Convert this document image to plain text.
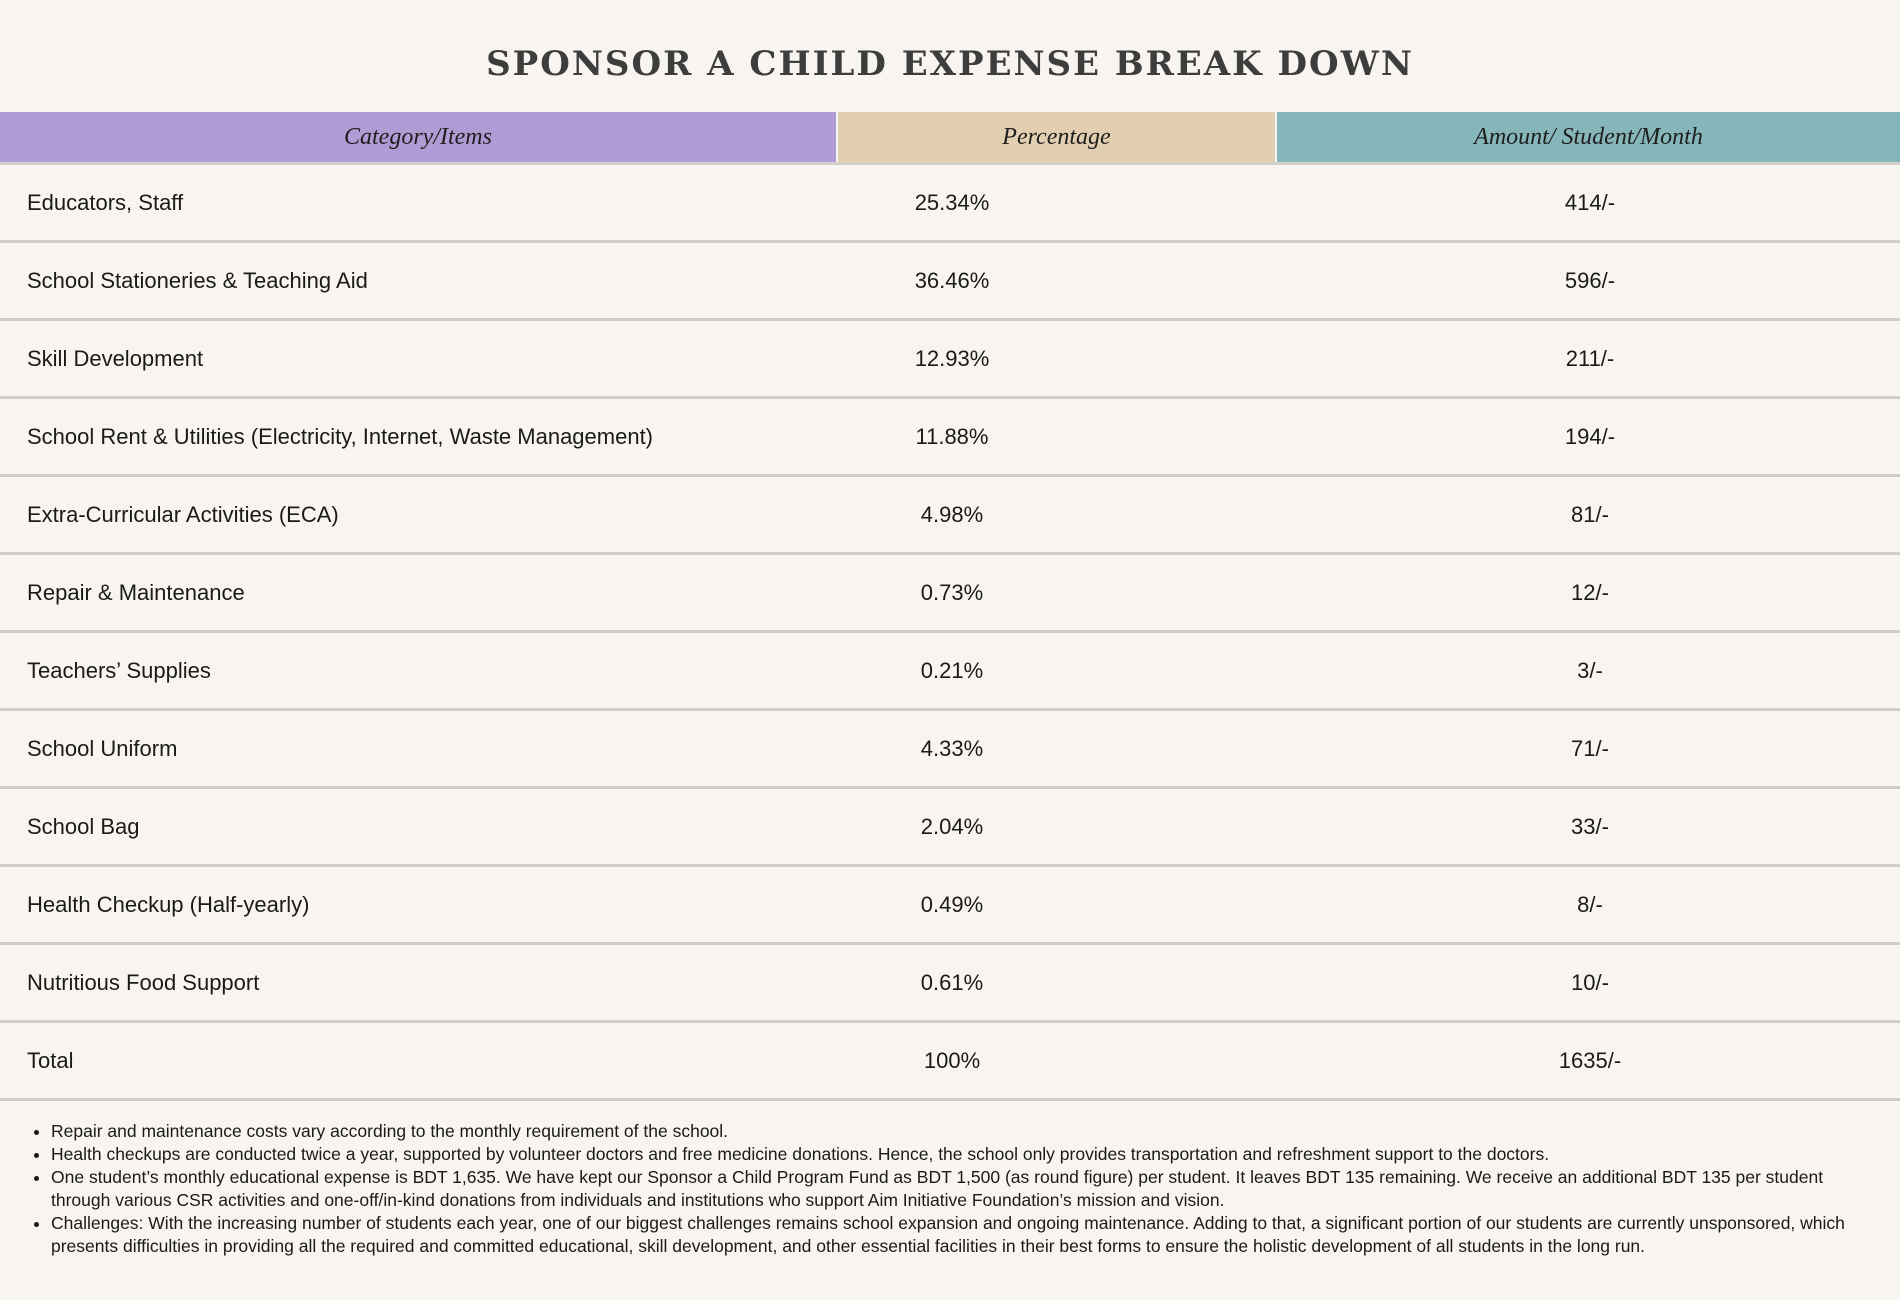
SPONSOR A CHILD EXPENSE BREAK DOWN
Category/Items	Percentage	Amount/ Student/Month
Educators, Staff	25.34%	414/-
School Stationeries & Teaching Aid	36.46%	596/-
Skill Development	12.93%	211/-
School Rent & Utilities (Electricity, Internet, Waste Management)	11.88%	194/-
Extra-Curricular Activities (ECA)	4.98%	81/-
Repair & Maintenance	0.73%	12/-
Teachers’ Supplies	0.21%	3/-
School Uniform	4.33%	71/-
School Bag	2.04%	33/-
Health Checkup (Half-yearly)	0.49%	8/-
Nutritious Food Support	0.61%	10/-
Total	100%	1635/-
• Repair and maintenance costs vary according to the monthly requirement of the school.
• Health checkups are conducted twice a year, supported by volunteer doctors and free medicine donations. Hence, the school only provides transportation and refreshment support to the doctors.
• One student’s monthly educational expense is BDT 1,635. We have kept our Sponsor a Child Program Fund as BDT 1,500 (as round figure) per student. It leaves BDT 135 remaining. We receive an additional BDT 135 per student through various CSR activities and one-off/in-kind donations from individuals and institutions who support Aim Initiative Foundation’s mission and vision.
• Challenges: With the increasing number of students each year, one of our biggest challenges remains school expansion and ongoing maintenance. Adding to that, a significant portion of our students are currently unsponsored, which presents difficulties in providing all the required and committed educational, skill development, and other essential facilities in their best forms to ensure the holistic development of all students in the long run.
